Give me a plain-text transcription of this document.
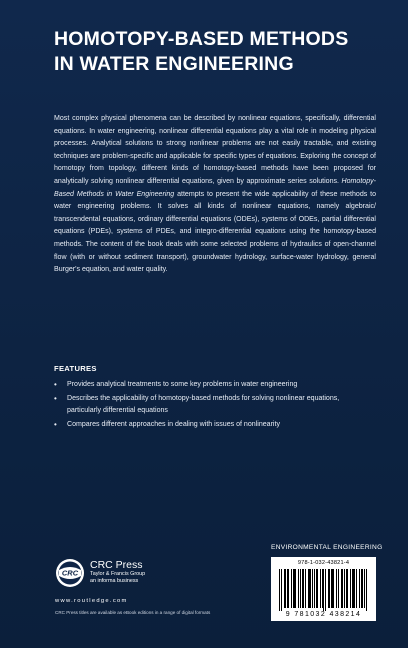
HOMOTOPY-BASED METHODS
IN WATER ENGINEERING

Most complex physical phenomena can be described by nonlinear equations, specifically, differential equations. In water engineering, nonlinear differential equations play a vital role in modeling physical processes. Analytical solutions to strong nonlinear problems are not easily tractable, and existing techniques are problem-specific and applicable for specific types of equations. Exploring the concept of homotopy from topology, different kinds of homotopy-based methods have been proposed for analytically solving nonlinear differential equations, given by approximate series solutions. Homotopy-Based Methods in Water Engineering attempts to present the wide applicability of these methods to water engineering problems. It solves all kinds of nonlinear equations, namely algebraic/ transcendental equations, ordinary differential equations (ODEs), systems of ODEs, partial differential equations (PDEs), systems of PDEs, and integro-differential equations using the homotopy-based methods. The content of the book deals with some selected problems of hydraulics of open-channel flow (with or without sediment transport), groundwater hydrology, surface-water hydrology, general Burger's equation, and water quality.

FEATURES
• Provides analytical treatments to some key problems in water engineering
• Describes the applicability of homotopy-based methods for solving nonlinear equations, particularly differential equations
• Compares different approaches in dealing with issues of nonlinearity
ENVIRONMENTAL ENGINEERING
978-1-032-43821-4
9 781032 438214
CRC
CRC Press
Taylor & Francis Group
an informa business
www.routledge.com
CRC Press titles are available as eBook editions in a range of digital formats
